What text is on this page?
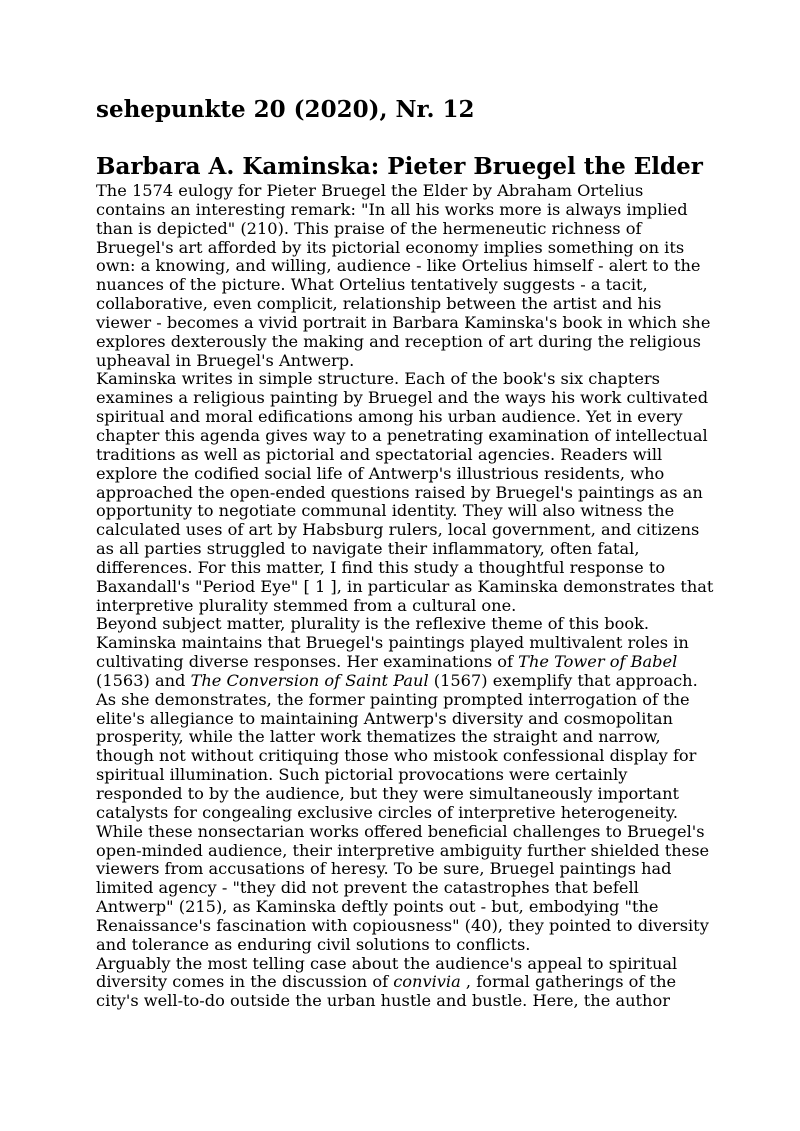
sehepunkte 20 (2020), Nr. 12
Barbara A. Kaminska: Pieter Bruegel the Elder

The 1574 eulogy for Pieter Bruegel the Elder by Abraham Ortelius contains an interesting remark: "In all his works more is always implied than is depicted" (210). This praise of the hermeneutic richness of Bruegel's art afforded by its pictorial economy implies something on its own: a knowing, and willing, audience - like Ortelius himself - alert to the nuances of the picture. What Ortelius tentatively suggests - a tacit, collaborative, even complicit, relationship between the artist and his viewer - becomes a vivid portrait in Barbara Kaminska's book in which she explores dexterously the making and reception of art during the religious upheaval in Bruegel's Antwerp.

Kaminska writes in simple structure. Each of the book's six chapters examines a religious painting by Bruegel and the ways his work cultivated spiritual and moral edifications among his urban audience. Yet in every chapter this agenda gives way to a penetrating examination of intellectual traditions as well as pictorial and spectatorial agencies. Readers will explore the codified social life of Antwerp's illustrious residents, who approached the open-ended questions raised by Bruegel's paintings as an opportunity to negotiate communal identity. They will also witness the calculated uses of art by Habsburg rulers, local government, and citizens as all parties struggled to navigate their inflammatory, often fatal, differences. For this matter, I find this study a thoughtful response to Baxandall's "Period Eye" [ 1 ], in particular as Kaminska demonstrates that interpretive plurality stemmed from a cultural one.

Beyond subject matter, plurality is the reflexive theme of this book. Kaminska maintains that Bruegel's paintings played multivalent roles in cultivating diverse responses. Her examinations of The Tower of Babel (1563) and The Conversion of Saint Paul (1567) exemplify that approach. As she demonstrates, the former painting prompted interrogation of the elite's allegiance to maintaining Antwerp's diversity and cosmopolitan prosperity, while the latter work thematizes the straight and narrow, though not without critiquing those who mistook confessional display for spiritual illumination. Such pictorial provocations were certainly responded to by the audience, but they were simultaneously important catalysts for congealing exclusive circles of interpretive heterogeneity. While these nonsectarian works offered beneficial challenges to Bruegel's open-minded audience, their interpretive ambiguity further shielded these viewers from accusations of heresy. To be sure, Bruegel paintings had limited agency - "they did not prevent the catastrophes that befell Antwerp" (215), as Kaminska deftly points out - but, embodying "the Renaissance's fascination with copiousness" (40), they pointed to diversity and tolerance as enduring civil solutions to conflicts.

Arguably the most telling case about the audience's appeal to spiritual diversity comes in the discussion of convivia , formal gatherings of the city's well-to-do outside the urban hustle and bustle. Here, the author
